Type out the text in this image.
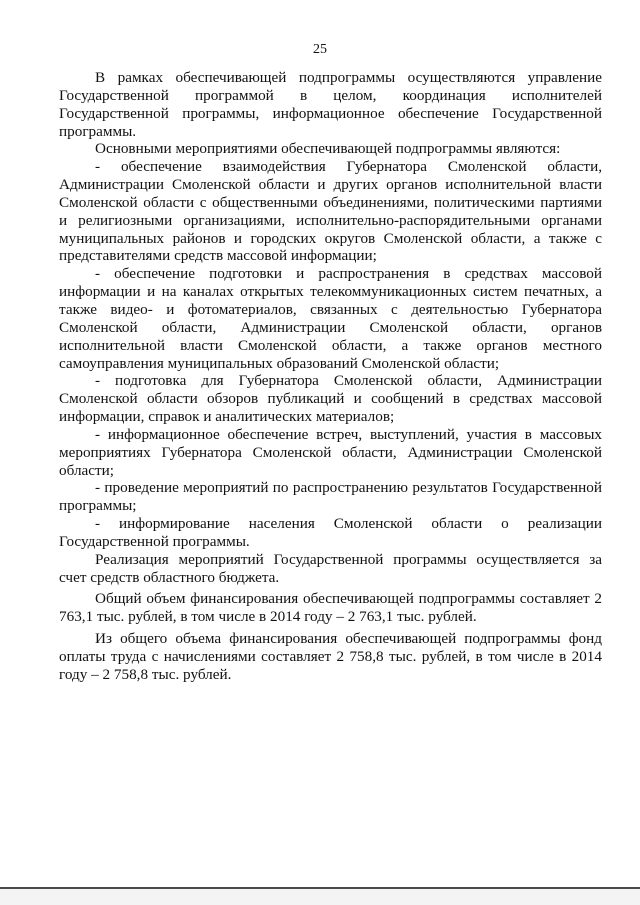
25

В рамках обеспечивающей подпрограммы осуществляются управление Государственной программой в целом, координация исполнителей Государственной программы, информационное обеспечение Государственной программы.

Основными мероприятиями обеспечивающей подпрограммы являются:

- обеспечение взаимодействия Губернатора Смоленской области, Администрации Смоленской области и других органов исполнительной власти Смоленской области с общественными объединениями, политическими партиями и религиозными организациями, исполнительно-распорядительными органами муниципальных районов и городских округов Смоленской области, а также с представителями средств массовой информации;

- обеспечение подготовки и распространения в средствах массовой информации и на каналах открытых телекоммуникационных систем печатных, а также видео- и фотоматериалов, связанных с деятельностью Губернатора Смоленской области, Администрации Смоленской области, органов исполнительной власти Смоленской области, а также органов местного самоуправления муниципальных образований Смоленской области;

- подготовка для Губернатора Смоленской области, Администрации Смоленской области обзоров публикаций и сообщений в средствах массовой информации, справок и аналитических материалов;

- информационное обеспечение встреч, выступлений, участия в массовых мероприятиях Губернатора Смоленской области, Администрации Смоленской области;

- проведение мероприятий по распространению результатов Государственной программы;

- информирование населения Смоленской области о реализации Государственной программы.

Реализация мероприятий Государственной программы осуществляется за счет средств областного бюджета.

Общий объем финансирования обеспечивающей подпрограммы составляет 2 763,1 тыс. рублей, в том числе в 2014 году – 2 763,1 тыс. рублей.

Из общего объема финансирования обеспечивающей подпрограммы фонд оплаты труда с начислениями составляет 2 758,8 тыс. рублей, в том числе в 2014 году – 2 758,8 тыс. рублей.
